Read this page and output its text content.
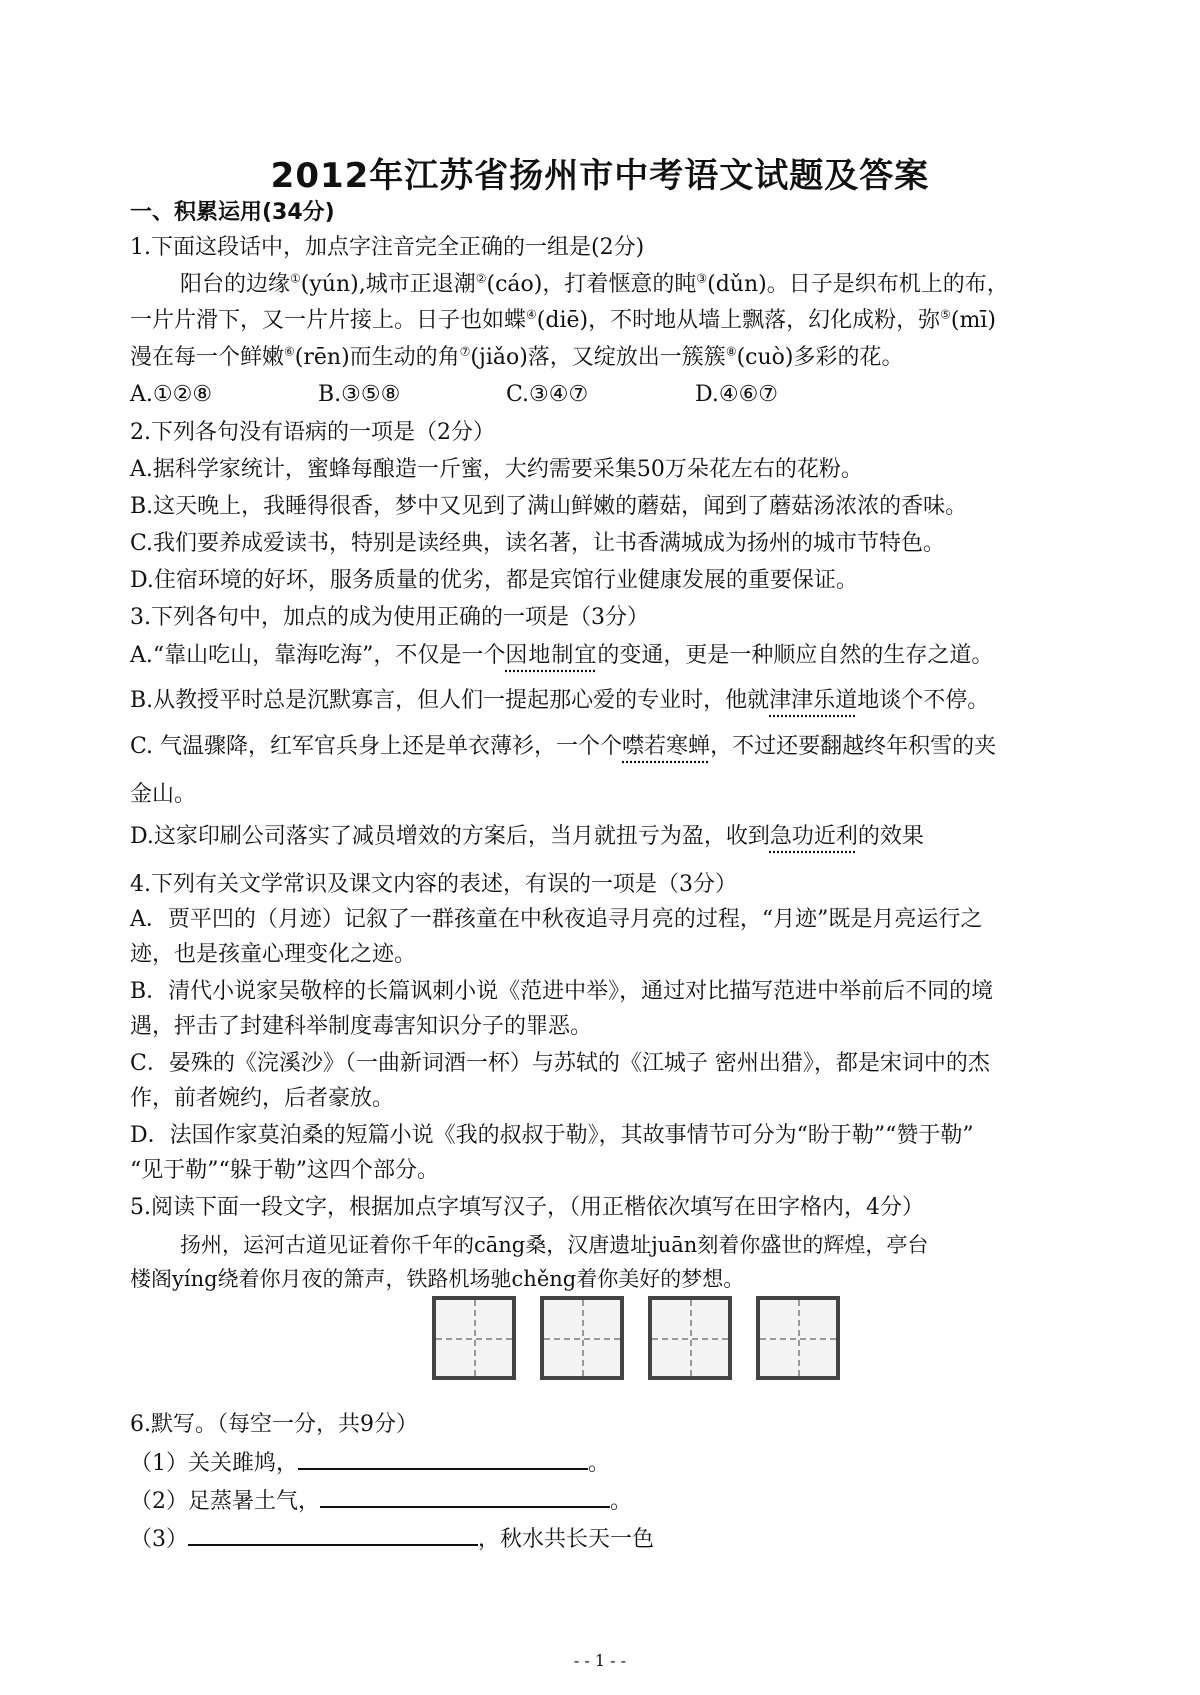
2012年江苏省扬州市中考语文试题及答案
一、积累运用(34分)
1.下面这段话中，加点字注音完全正确的一组是(2分)
阳台的边缘①(yún),城市正退潮②(cáo)，打着惬意的盹③(dǔn)。日子是织布机上的布，
一片片滑下，又一片片接上。日子也如蝶④(diē)，不时地从墙上飘落，幻化成粉，弥⑤(mī)
漫在每一个鲜嫩⑥(rēn)而生动的角⑦(jiǎo)落，又绽放出一簇簇⑧(cuò)多彩的花。
A.①②⑧	B.③⑤⑧	C.③④⑦	D.④⑥⑦
2.下列各句没有语病的一项是（2分）
A.据科学家统计，蜜蜂每酿造一斤蜜，大约需要采集50万朵花左右的花粉。
B.这天晚上，我睡得很香，梦中又见到了满山鲜嫩的蘑菇，闻到了蘑菇汤浓浓的香味。
C.我们要养成爱读书，特别是读经典，读名著，让书香满城成为扬州的城市节特色。
D.住宿环境的好坏，服务质量的优劣，都是宾馆行业健康发展的重要保证。
3.下列各句中，加点的成为使用正确的一项是（3分）
A.“靠山吃山，靠海吃海”，不仅是一个因地制宜的变通，更是一种顺应自然的生存之道。
B.从教授平时总是沉默寡言，但人们一提起那心爱的专业时，他就津津乐道地谈个不停。
C. 气温骤降，红军官兵身上还是单衣薄衫，一个个噤若寒蝉，不过还要翻越终年积雪的夹
金山。
D.这家印刷公司落实了减员增效的方案后，当月就扭亏为盈，收到急功近利的效果
4.下列有关文学常识及课文内容的表述，有误的一项是（3分）
A．贾平凹的（月迹）记叙了一群孩童在中秋夜追寻月亮的过程，“月迹”既是月亮运行之
迹，也是孩童心理变化之迹。
B．清代小说家吴敬梓的长篇讽刺小说《范进中举》，通过对比描写范进中举前后不同的境
遇，抨击了封建科举制度毒害知识分子的罪恶。
C．晏殊的《浣溪沙》（一曲新词酒一杯）与苏轼的《江城子 密州出猎》，都是宋词中的杰
作，前者婉约，后者豪放。
D．法国作家莫泊桑的短篇小说《我的叔叔于勒》，其故事情节可分为“盼于勒”“赞于勒”
“见于勒”“躲于勒”这四个部分。
5.阅读下面一段文字，根据加点字填写汉子，（用正楷依次填写在田字格内，4分）
扬州，运河古道见证着你千年的cāng桑，汉唐遗址juān刻着你盛世的辉煌，亭台
楼阁yíng绕着你月夜的箫声，铁路机场驰chěng着你美好的梦想。
6.默写。（每空一分，共9分）
（1）关关雎鸠，	。
（2）足蒸暑土气，	。
（3）	，秋水共长天一色
- - 1 - -
